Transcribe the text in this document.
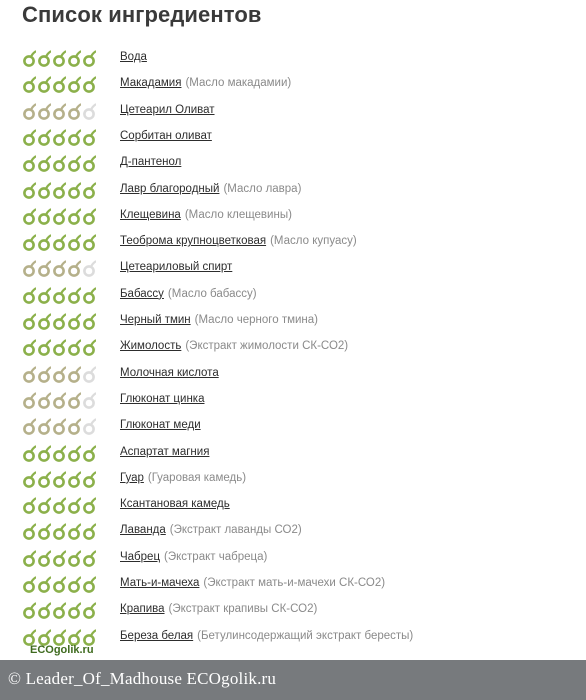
Список ингредиентов
Вода
Макадамия (Масло макадамии)
Цетеарил Оливат
Сорбитан оливат
Д-пантенол
Лавр благородный (Масло лавра)
Клещевина (Масло клещевины)
Теоброма крупноцветковая (Масло купуасу)
Цетеариловый спирт
Бабассу (Масло бабассу)
Черный тмин (Масло черного тмина)
Жимолость (Экстракт жимолости СК-СО2)
Молочная кислота
Глюконат цинка
Глюконат меди
Аспартат магния
Гуар (Гуаровая камедь)
Ксантановая камедь
Лаванда (Экстракт лаванды СО2)
Чабрец (Экстракт чабреца)
Мать-и-мачеха (Экстракт мать-и-мачехи СК-СО2)
Крапива (Экстракт крапивы СК-СО2)
Береза белая (Бетулинсодержащий экстракт бересты)
ECOgolik.ru
© Leader_Of_Madhouse ECOgolik.ru
